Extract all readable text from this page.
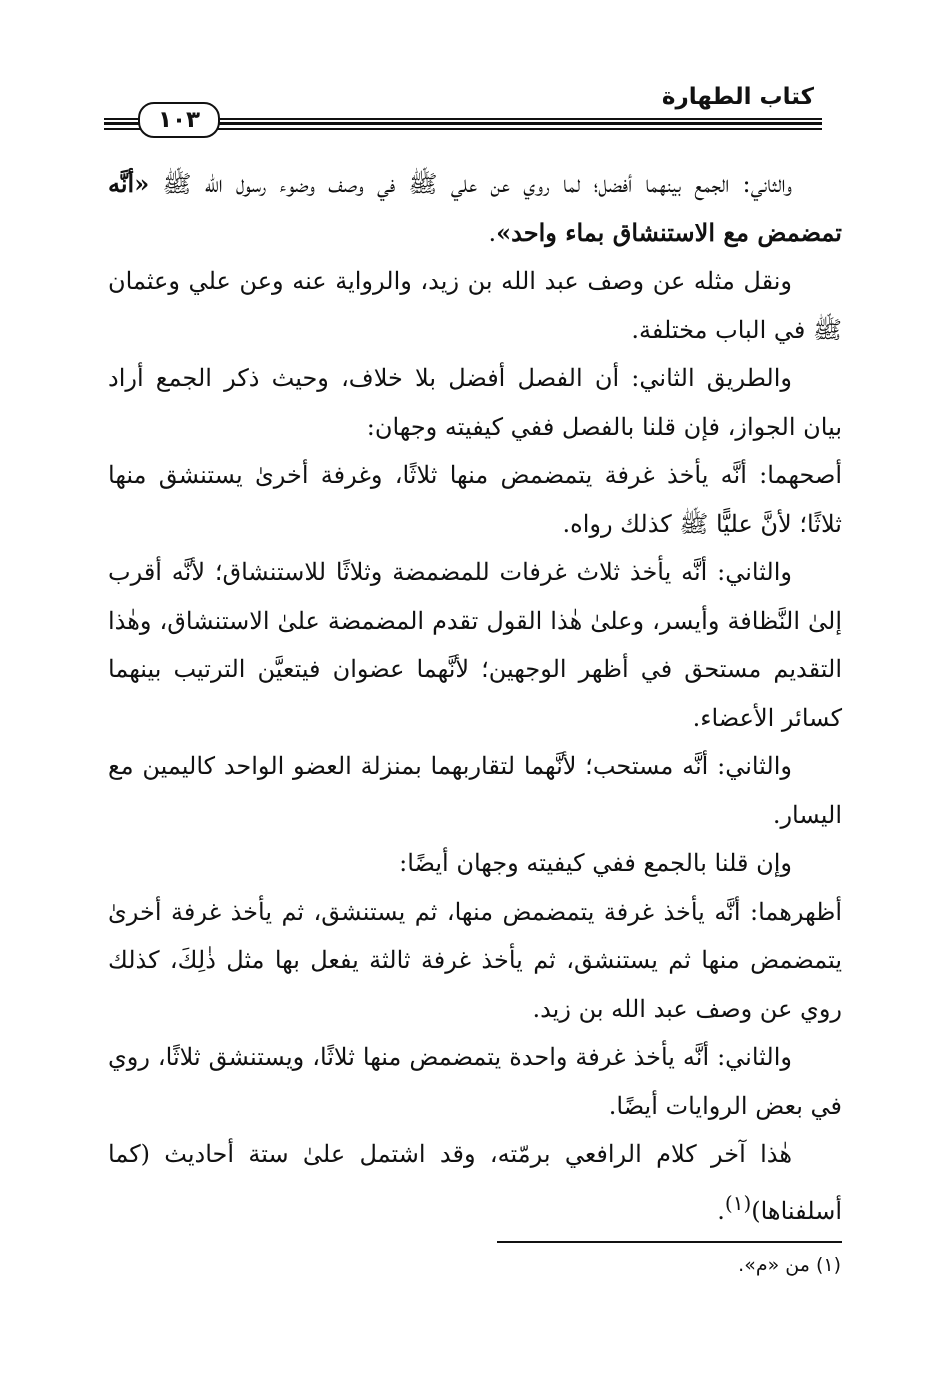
كتاب الطهارة
١٠٣

والثاني: الجمع بينهما أفضل؛ لما روي عن علي ﷺ في وصف وضوء رسول الله ﷺ «أنَّه تمضمض مع الاستنشاق بماء واحد».

ونقل مثله عن وصف عبد الله بن زيد، والرواية عنه وعن علي وعثمان ﷺ في الباب مختلفة.

والطريق الثاني: أن الفصل أفضل بلا خلاف، وحيث ذكر الجمع أراد بيان الجواز، فإن قلنا بالفصل ففي كيفيته وجهان:

أصحهما: أنَّه يأخذ غرفة يتمضمض منها ثلاثًا، وغرفة أخرىٰ يستنشق منها ثلاثًا؛ لأنَّ عليًّا ﷺ كذلك رواه.

والثاني: أنَّه يأخذ ثلاث غرفات للمضمضة وثلاثًا للاستنشاق؛ لأنَّه أقرب إلىٰ النَّظافة وأيسر، وعلىٰ هٰذا القول تقدم المضمضة علىٰ الاستنشاق، وهٰذا التقديم مستحق في أظهر الوجهين؛ لأنَّهما عضوان فيتعيَّن الترتيب بينهما كسائر الأعضاء.

والثاني: أنَّه مستحب؛ لأنَّهما لتقاربهما بمنزلة العضو الواحد كاليمين مع اليسار.

وإن قلنا بالجمع ففي كيفيته وجهان أيضًا:

أظهرهما: أنَّه يأخذ غرفة يتمضمض منها، ثم يستنشق، ثم يأخذ غرفة أخرىٰ يتمضمض منها ثم يستنشق، ثم يأخذ غرفة ثالثة يفعل بها مثل ذٰلِكَ، كذلك روي عن وصف عبد الله بن زيد.

والثاني: أنَّه يأخذ غرفة واحدة يتمضمض منها ثلاثًا، ويستنشق ثلاثًا، روي في بعض الروايات أيضًا.

هٰذا آخر كلام الرافعي برمّته، وقد اشتمل علىٰ ستة أحاديث (كما أسلفناها)$^{(١)}$.

(١) من «م».
